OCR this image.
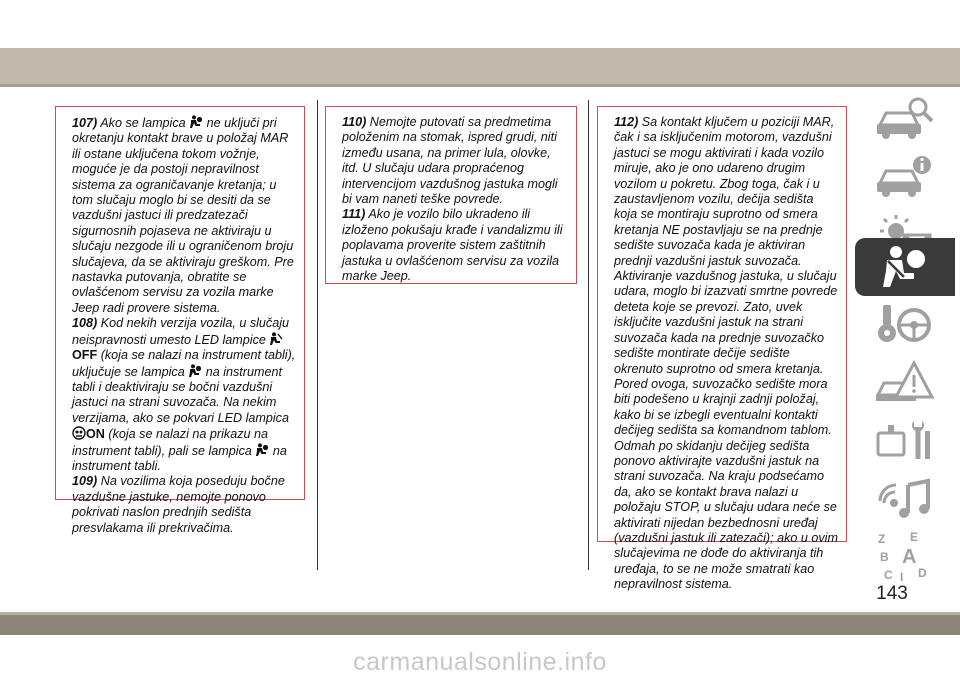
107) Ako se lampica ne uključi pri okretanju kontakt brave u položaj MAR ili ostane uključena tokom vožnje, moguće je da postoji nepravilnost sistema za ograničavanje kretanja; u tom slučaju moglo bi se desiti da se vazdušni jastuci ili predzatezači sigurnosnih pojaseva ne aktiviraju u slučaju nezgode ili u ograničenom broju slučajeva, da se aktiviraju greškom. Pre nastavka putovanja, obratite se ovlašćenom servisu za vozila marke Jeep radi provere sistema.

108) Kod nekih verzija vozila, u slučaju neispravnosti umesto LED lampice
OFF (koja se nalazi na instrument tabli), uključuje se lampica na instrument tabli i deaktiviraju se bočni vazdušni jastuci na strani suvozača. Na nekim verzijama, ako se pokvari LED lampica

ON (koja se nalazi na prikazu na instrument tabli), pali se lampica na instrument tabli.

109) Na vozilima koja poseduju bočne vazdušne jastuke, nemojte ponovo pokrivati naslon prednjih sedišta presvlakama ili prekrivačima.

110) Nemojte putovati sa predmetima položenim na stomak, ispred grudi, niti između usana, na primer lula, olovke, itd. U slučaju udara propraćenog intervencijom vazdušnog jastuka mogli bi vam naneti teške povrede.

111) Ako je vozilo bilo ukradeno ili izloženo pokušaju krađe i vandalizmu ili poplavama proverite sistem zaštitnih jastuka u ovlašćenom servisu za vozila marke Jeep.

112) Sa kontakt ključem u poziciji MAR, čak i sa isključenim motorom, vazdušni jastuci se mogu aktivirati i kada vozilo miruje, ako je ono udareno drugim vozilom u pokretu. Zbog toga, čak i u zaustavljenom vozilu, dečija sedišta koja se montiraju suprotno od smera kretanja NE postavljaju se na prednje sedište suvozača kada je aktiviran prednji vazdušni jastuk suvozača. Aktiviranje vazdušnog jastuka, u slučaju udara, moglo bi izazvati smrtne povrede deteta koje se prevozi. Zato, uvek isključite vazdušni jastuk na strani suvozača kada na prednje suvozačko sedište montirate dečije sedište okrenuto suprotno od smera kretanja. Pored ovoga, suvozačko sedište mora biti podešeno u krajnji zadnji položaj, kako bi se izbegli eventualni kontakti dečijeg sedišta sa komandnom tablom. Odmah po skidanju dečijeg sedišta ponovo aktivirajte vazdušni jastuk na strani suvozača. Na kraju podsećamo da, ako se kontakt brava nalazi u položaju STOP, u slučaju udara neće se aktivirati nijedan bezbednosni uređaj (vazdušni jastuk ili zatezači); ako u ovim slučajevima ne dođe do aktiviranja tih uređaja, to se ne može smatrati kao nepravilnost sistema.

Z E
B A
C D
I
143
carmanualsonline.info
